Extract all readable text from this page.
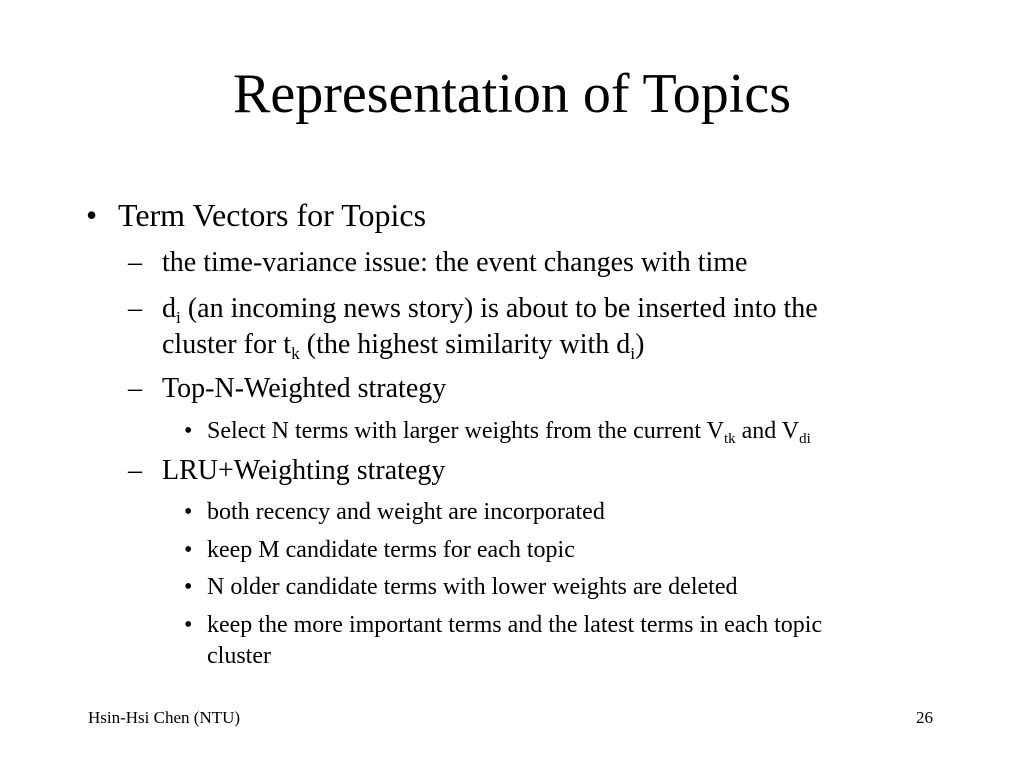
Representation of Topics
• Term Vectors for Topics
– the time-variance issue: the event changes with time
– $d_i$ (an incoming news story) is about to be inserted into the
cluster for $t_k$ (the highest similarity with $d_i$)
– Top-N-Weighted strategy
• Select N terms with larger weights from the current $V_{tk}$ and $V_{di}$
– LRU+Weighting strategy
• both recency and weight are incorporated
• keep M candidate terms for each topic
• N older candidate terms with lower weights are deleted
• keep the more important terms and the latest terms in each topic
cluster
Hsin-Hsi Chen (NTU)	26
